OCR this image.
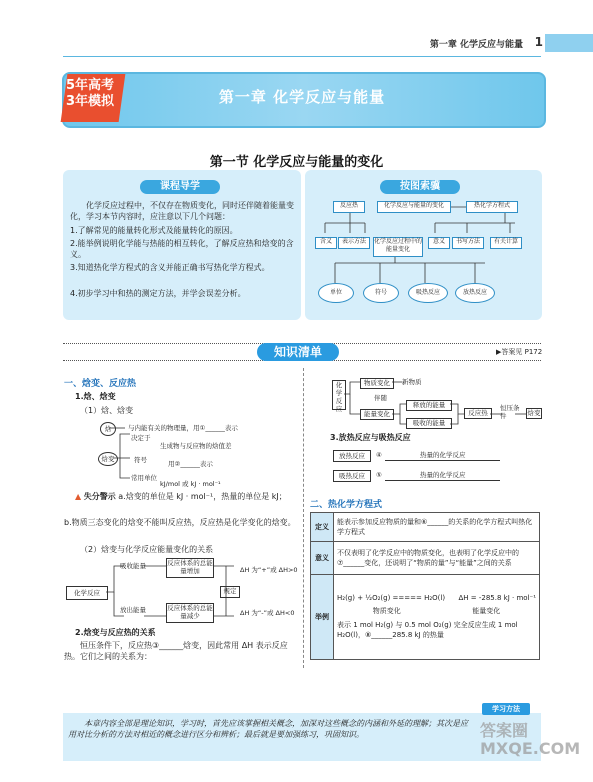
第一章 化学反应与能量 1
5年高考 3年模拟	第一章 化学反应与能量
第一节 化学反应与能量的变化
课程导学
化学反应过程中，不仅存在物质变化，同时还伴随着能量变化，学习本节内容时，应注意以下几个问题：
1.了解常见的能量转化形式及能量转化的原因。
2.能举例说明化学能与热能的相互转化，了解反应热和焓变的含义。
3.知道热化学方程式的含义并能正确书写热化学方程式。
4.初步学习中和热的测定方法，并学会误差分析。
按图索骥
反应热	化学反应与能量的变化	热化学方程式
含义	表示方法	化学反应过程中的能量变化
意义	书写方法	有关计算
单位	符号	吸热反应	放热反应
知识清单	▶答案见 P172
一、焓变、反应热
1.焓、焓变
（1）焓、焓变
焓	与内能有关的物理量，用①______表示
焓变
决定于
生成物与反应物的焓值差
符号	用②______表示
常用单位
kJ/mol 或 kJ · mol⁻¹
▲ 失分警示 a.焓变的单位是 kJ · mol⁻¹，热量的单位是 kJ；
b.物质三态变化的焓变不能叫反应热，反应热是化学变化的焓变。
（2）焓变与化学反应能量变化的关系
化学反应
吸收能量
放出能量
反应体系的总能量增加
反应体系的总能量减少
规定
ΔH 为“+”或 ΔH>0
ΔH 为“-”或 ΔH<0
2.焓变与反应热的关系
恒压条件下，反应热③______焓变，因此常用 ΔH 表示反应热。它们之间的关系为：
化学反应
物质变化	新物质
伴随
能量变化
释放的能量
吸收的能量
反应热
恒压条件	焓变
3.放热反应与吸热反应
放热反应	④	热量的化学反应
吸热反应	⑤	热量的化学反应
二、热化学方程式
定义	能表示参加反应物质的量和⑥______的关系的化学方程式叫热化学方程式
意义	不仅表明了化学反应中的物质变化，也表明了化学反应中的⑦______变化，还说明了“物质的量”与“能量”之间的关系
举例	H₂(g) + ½O₂(g) ===== H₂O(l) ΔH = -285.8 kJ · mol⁻¹
物质变化 能量变化
表示 1 mol H₂(g) 与 0.5 mol O₂(g) 完全反应生成 1 mol H₂O(l)，⑧______285.8 kJ 的热量
学习方法
本章内容全部是理论知识，学习时，首先应该掌握相关概念，加深对这些概念的内涵和外延的理解；其次是应用对比分析的方法对相近的概念进行区分和辨析；最后就是要加强练习，巩固知识。	答案圈 MXQE.COM
